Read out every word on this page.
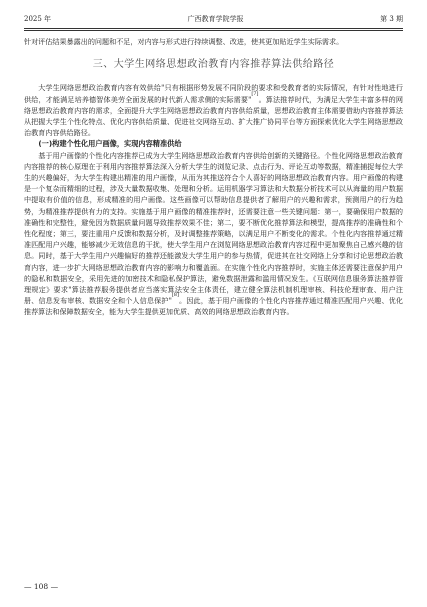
2025 年	广西教育学院学报	第 3 期

针对评估结果暴露出的问题和不足，对内容与形式进行持续调整、改进，使其更加贴近学生实际需求。

三、大学生网络思想政治教育内容推荐算法供给路径

大学生网络思想政治教育内容有效供给"只有根据形势发展不同阶段的要求和受教育者的实际情况，有针对性地进行供给，才能满足培养德智体美劳全面发展的时代新人需求侧的实际需要"[7]。算法推荐时代，为满足大学生丰富多样的网络思想政治教育内容的需求，全面提升大学生网络思想政治教育内容供给质量，思想政治教育主体需要借助内容推荐算法从把握大学生个性化特点、优化内容供给质量、促进社交网络互动、扩大推广协同平台等方面探索优化大学生网络思想政治教育内容供给路径。

(一)构建个性化用户画像，实现内容精准供给

基于用户画像的个性化内容推荐已成为大学生网络思想政治教育内容供给创新的关键路径。个性化网络思想政治教育内容推荐的核心原理在于利用内容推荐算法深入分析大学生的浏览记录、点击行为、评论互动等数据，精准捕捉每位大学生的兴趣偏好，为大学生构建出精准的用户画像，从而为其推送符合个人喜好的网络思想政治教育内容。用户画像的构建是一个复杂而精细的过程，涉及大量数据收集、处理和分析。运用机器学习算法和大数据分析技术可以从海量的用户数据中提取有价值的信息，形成精准的用户画像。这些画像可以帮助信息提供者了解用户的兴趣和需求，预测用户的行为趋势，为精准推荐提供有力的支持。实施基于用户画像的精准推荐时，还需要注意一些关键问题：第一，要确保用户数据的准确性和完整性，避免因为数据质量问题导致推荐效果不佳；第二，要不断优化推荐算法和模型，提高推荐的准确性和个性化程度；第三，要注重用户反馈和数据分析，及时调整推荐策略，以满足用户不断变化的需求。个性化内容推荐通过精准匹配用户兴趣，能够减少无效信息的干扰，使大学生用户在浏览网络思想政治教育内容过程中更加聚焦自己感兴趣的信息。同时，基于大学生用户兴趣偏好的推荐还能激发大学生用户的参与热情，促进其在社交网络上分享和讨论思想政治教育内容，进一步扩大网络思想政治教育内容的影响力和覆盖面。在实施个性化内容推荐时，实施主体还需要注意保护用户的隐私和数据安全，采用先进的加密技术和隐私保护算法，避免数据泄露和滥用情况发生。《互联网信息服务算法推荐管理规定》要求"算法推荐服务提供者应当落实算法安全主体责任，建立健全算法机制机理审核、科技伦理审查、用户注册、信息发布审核、数据安全和个人信息保护"[8]。因此，基于用户画像的个性化内容推荐通过精准匹配用户兴趣、优化推荐算法和保障数据安全，能为大学生提供更加优质、高效的网络思想政治教育内容。

— 108 —
